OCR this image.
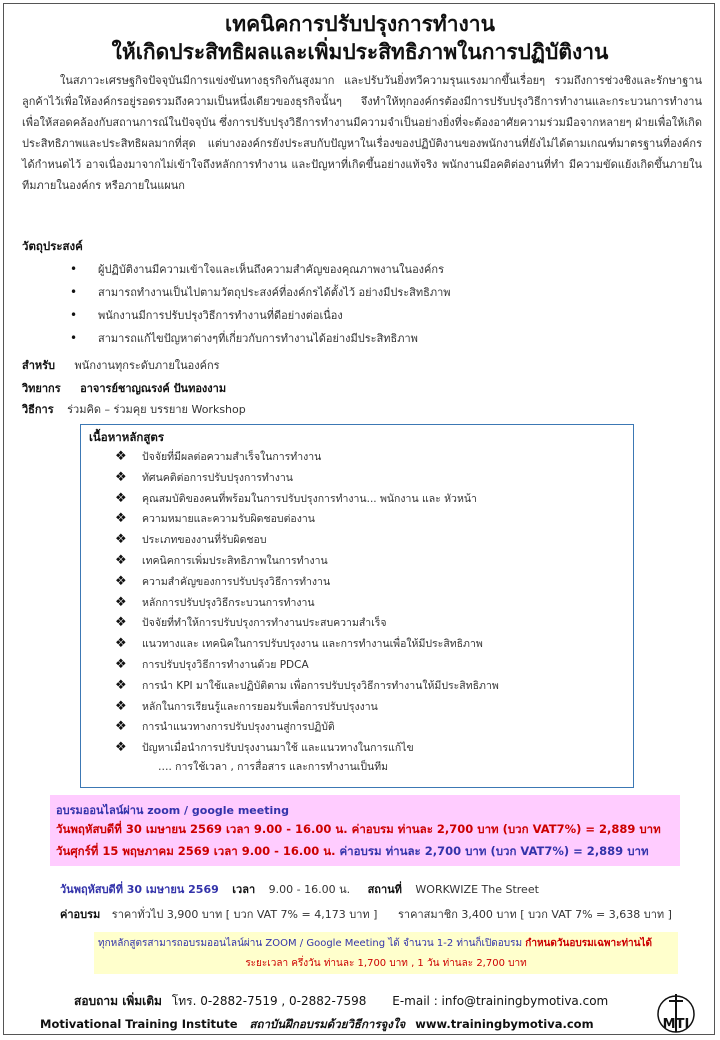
เทคนิคการปรับปรุงการทำงาน
ให้เกิดประสิทธิผลและเพิ่มประสิทธิภาพในการปฏิบัติงาน
ในสภาวะเศรษฐกิจปัจจุบันมีการแข่งขันทางธุรกิจกันสูงมาก และปรับวันยิ่งทวีความรุนแรงมากขึ้นเรื่อยๆ รวมถึงการช่วงชิงและรักษาฐานลูกค้าไว้เพื่อให้องค์กรอยู่รอดรวมถึงความเป็นหนึ่งเดียวของธุรกิจนั้นๆ จึงทำให้ทุกองค์กรต้องมีการปรับปรุงวิธีการทำงานและกระบวนการทำงานเพื่อให้สอดคล้องกับสถานการณ์ในปัจจุบัน ซึ่งการปรับปรุงวิธีการทำงานมีความจำเป็นอย่างยิ่งที่จะต้องอาศัยความร่วมมือจากหลายๆ ฝ่ายเพื่อให้เกิดประสิทธิภาพและประสิทธิผลมากที่สุด แต่บางองค์กรยังประสบกับปัญหาในเรื่องของปฏิบัติงานของพนักงานที่ยังไม่ได้ตามเกณฑ์มาตรฐานที่องค์กรได้กำหนดไว้ อาจเนื่องมาจากไม่เข้าใจถึงหลักการทำงาน และปัญหาที่เกิดขึ้นอย่างแท้จริง พนักงานมีอคติต่องานที่ทำ มีความขัดแย้งเกิดขึ้นภายในทีมภายในองค์กร หรือภายในแผนก
วัตถุประสงค์
• ผู้ปฏิบัติงานมีความเข้าใจและเห็นถึงความสำคัญของคุณภาพงานในองค์กร
• สามารถทำงานเป็นไปตามวัตถุประสงค์ที่องค์กรได้ตั้งไว้ อย่างมีประสิทธิภาพ
• พนักงานมีการปรับปรุงวิธีการทำงานที่ดีอย่างต่อเนื่อง
• สามารถแก้ไขปัญหาต่างๆที่เกี่ยวกับการทำงานได้อย่างมีประสิทธิภาพ
สำหรับ พนักงานทุกระดับภายในองค์กร
วิทยากร อาจารย์ชาญณรงค์ ปันทองงาม
วิธีการ ร่วมคิด – ร่วมคุย บรรยาย Workshop
เนื้อหาหลักสูตร
❖ ปัจจัยที่มีผลต่อความสำเร็จในการทำงาน
❖ ทัศนคติต่อการปรับปรุงการทำงาน
❖ คุณสมบัติของคนที่พร้อมในการปรับปรุงการทำงาน... พนักงาน และ หัวหน้า
❖ ความหมายและความรับผิดชอบต่องาน
❖ ประเภทของงานที่รับผิดชอบ
❖ เทคนิคการเพิ่มประสิทธิภาพในการทำงาน
❖ ความสำคัญของการปรับปรุงวิธีการทำงาน
❖ หลักการปรับปรุงวิธีกระบวนการทำงาน
❖ ปัจจัยที่ทำให้การปรับปรุงการทำงานประสบความสำเร็จ
❖ แนวทางและ เทคนิคในการปรับปรุงงาน และการทำงานเพื่อให้มีประสิทธิภาพ
❖ การปรับปรุงวิธีการทำงานด้วย PDCA
❖ การนำ KPI มาใช้และปฏิบัติตาม เพื่อการปรับปรุงวิธีการทำงานให้มีประสิทธิภาพ
❖ หลักในการเรียนรู้และการยอมรับเพื่อการปรับปรุงงาน
❖ การนำแนวทางการปรับปรุงงานสู่การปฏิบัติ
❖ ปัญหาเมื่อนำการปรับปรุงงานมาใช้ และแนวทางในการแก้ไข
…. การใช้เวลา , การสื่อสาร และการทำงานเป็นทีม
อบรมออนไลน์ผ่าน zoom / google meeting
วันพฤหัสบดีที่ 30 เมษายน 2569 เวลา 9.00 - 16.00 น. ค่าอบรม ท่านละ 2,700 บาท (บวก VAT7%) = 2,889 บาท
วันศุกร์ที่ 15 พฤษภาคม 2569 เวลา 9.00 - 16.00 น. ค่าอบรม ท่านละ 2,700 บาท (บวก VAT7%) = 2,889 บาท
วันพฤหัสบดีที่ 30 เมษายน 2569 เวลา 9.00 - 16.00 น. สถานที่ WORKWIZE The Street
ค่าอบรม ราคาทั่วไป 3,900 บาท [ บวก VAT 7% = 4,173 บาท ] ราคาสมาชิก 3,400 บาท [ บวก VAT 7% = 3,638 บาท ]
ทุกหลักสูตรสามารถอบรมออนไลน์ผ่าน ZOOM / Google Meeting ได้ จำนวน 1-2 ท่านก็เปิดอบรม กำหนดวันอบรมเฉพาะท่านได้
ระยะเวลา ครึ่งวัน ท่านละ 1,700 บาท , 1 วัน ท่านละ 2,700 บาท
สอบถาม เพิ่มเติม โทร. 0-2882-7519 , 0-2882-7598 E-mail : info@trainingbymotiva.com
Motivational Training Institute สถาบันฝึกอบรมด้วยวิธีการจูงใจ www.trainingbymotiva.com	MTI
